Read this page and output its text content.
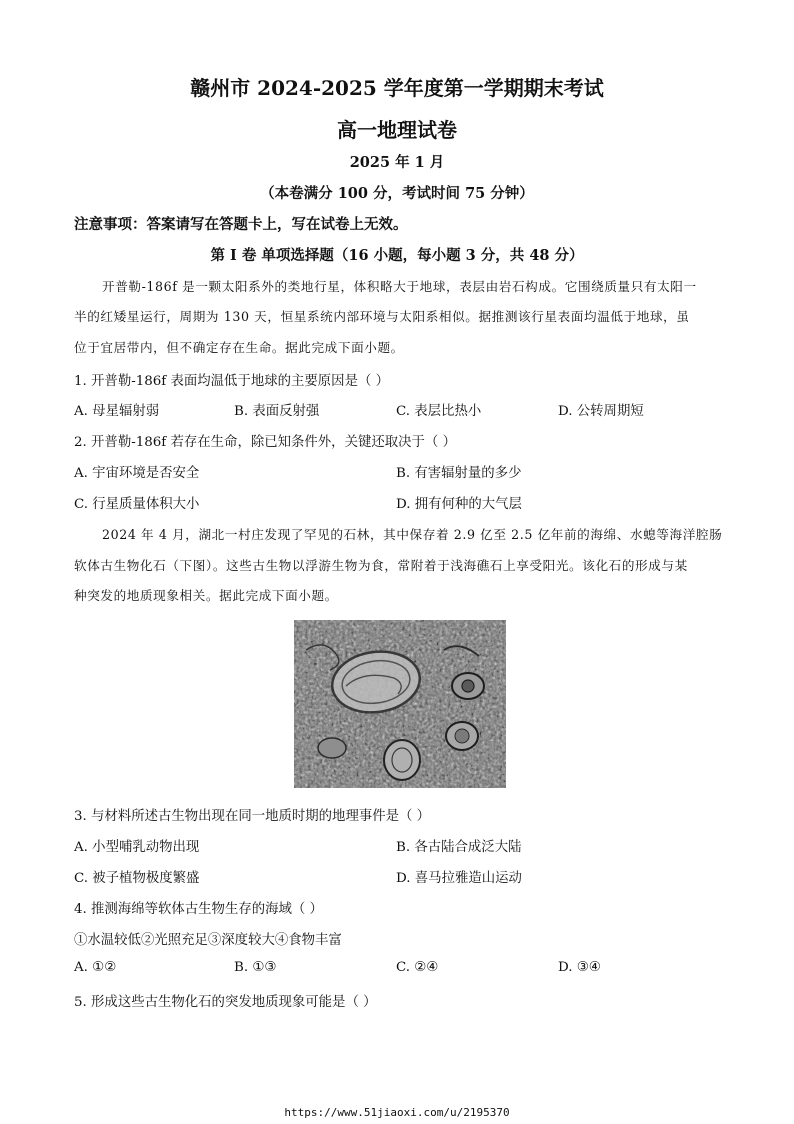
赣州市 2024-2025 学年度第一学期期末考试
高一地理试卷
2025 年 1 月
（本卷满分 100 分，考试时间 75 分钟）
注意事项：答案请写在答题卡上，写在试卷上无效。
第 I 卷 单项选择题（16 小题，每小题 3 分，共 48 分）
开普勒-186f 是一颗太阳系外的类地行星，体积略大于地球，表层由岩石构成。它围绕质量只有太阳一
半的红矮星运行，周期为 130 天，恒星系统内部环境与太阳系相似。据推测该行星表面均温低于地球，虽
位于宜居带内，但不确定存在生命。据此完成下面小题。
1. 开普勒-186f 表面均温低于地球的主要原因是（ ）
A. 母星辐射弱	B. 表面反射强	C. 表层比热小	D. 公转周期短
2. 开普勒-186f 若存在生命，除已知条件外，关键还取决于（ ）
A. 宇宙环境是否安全	B. 有害辐射量的多少
C. 行星质量体积大小	D. 拥有何种的大气层
2024 年 4 月，湖北一村庄发现了罕见的石林，其中保存着 2.9 亿至 2.5 亿年前的海绵、水螅等海洋腔肠
软体古生物化石（下图）。这些古生物以浮游生物为食，常附着于浅海礁石上享受阳光。该化石的形成与某
种突发的地质现象相关。据此完成下面小题。
3. 与材料所述古生物出现在同一地质时期的地理事件是（ ）
A. 小型哺乳动物出现	B. 各古陆合成泛大陆
C. 被子植物极度繁盛	D. 喜马拉雅造山运动
4. 推测海绵等软体古生物生存的海域（ ）
①水温较低②光照充足③深度较大④食物丰富
A. ①②	B. ①③	C. ②④	D. ③④
5. 形成这些古生物化石的突发地质现象可能是（ ）
https://www.51jiaoxi.com/u/2195370
